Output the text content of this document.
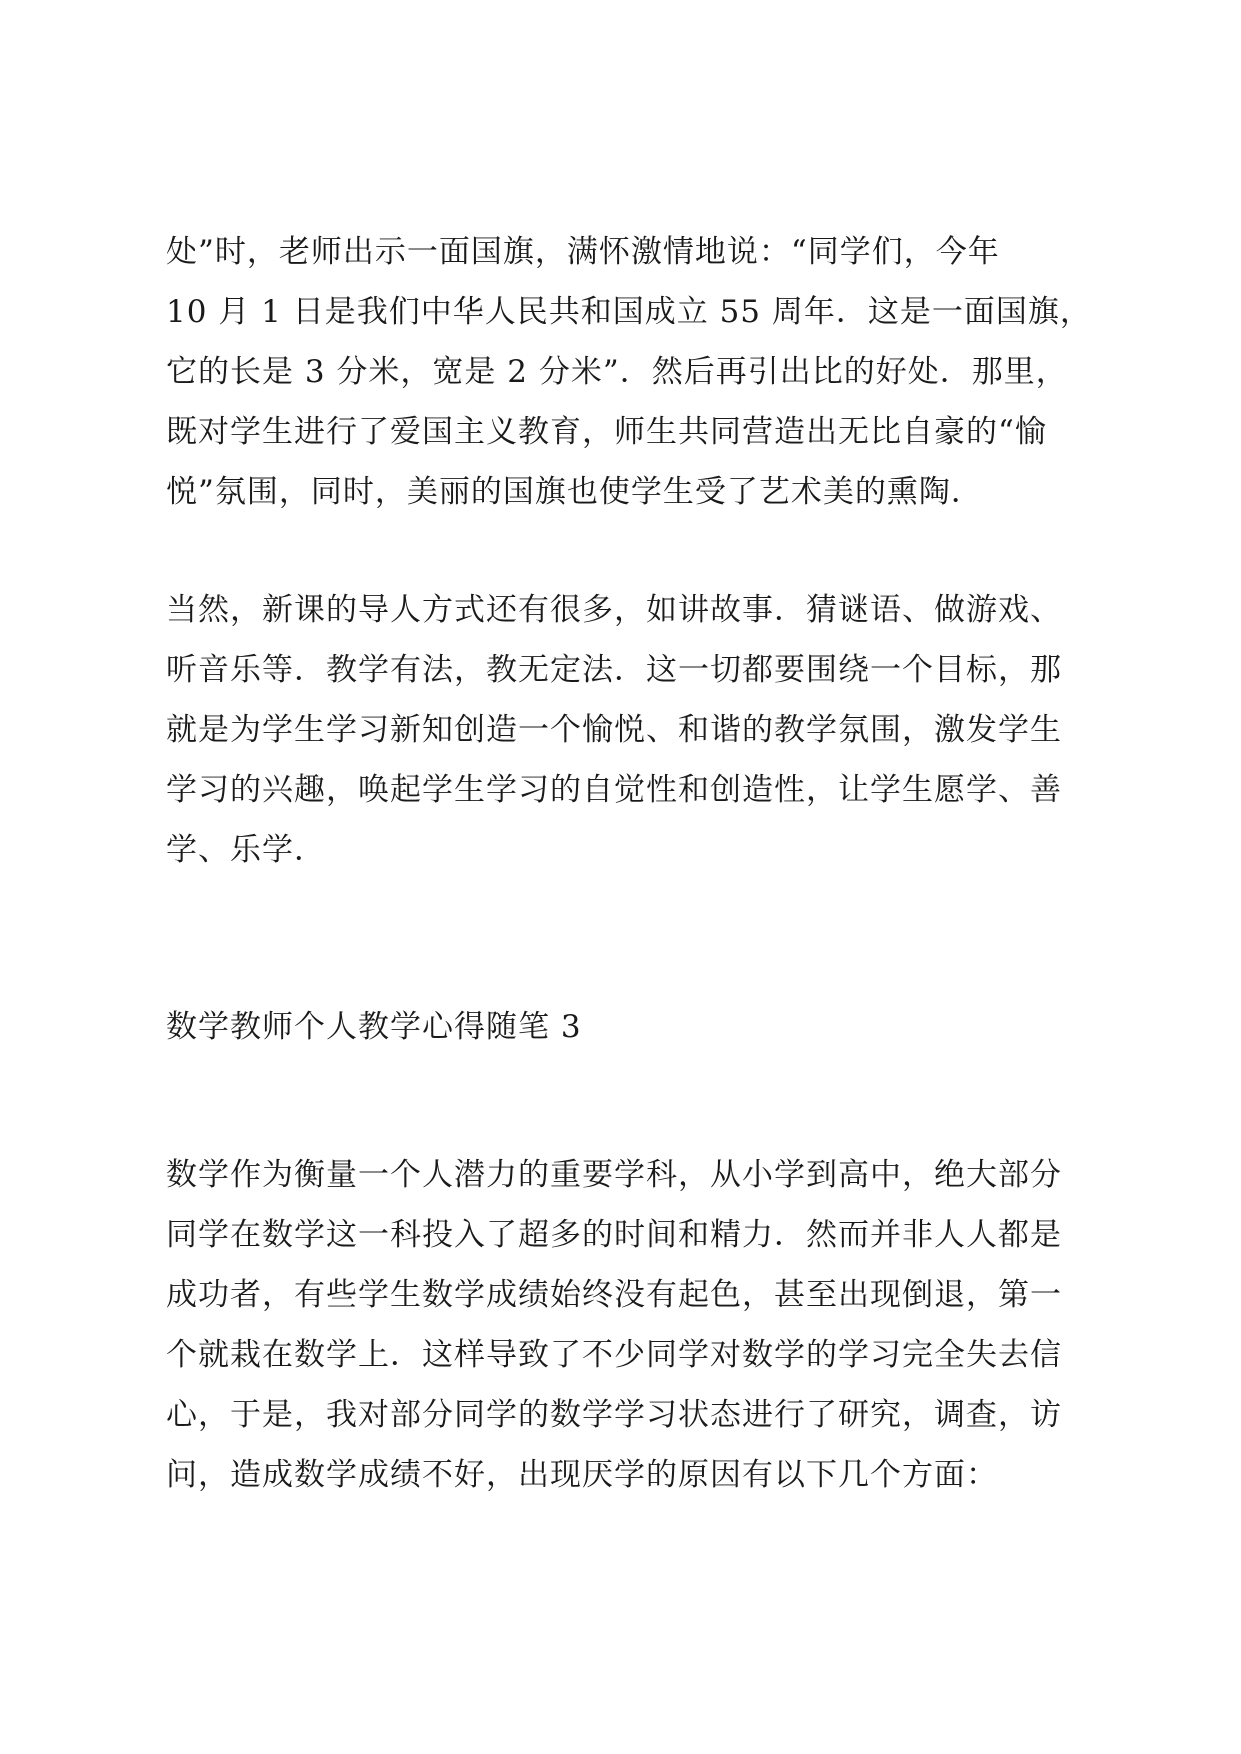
处”时，老师出示一面国旗，满怀激情地说：“同学们，今年
10 月 1 日是我们中华人民共和国成立 55 周年．这是一面国旗，
它的长是 3 分米，宽是 2 分米”．然后再引出比的好处．那里，
既对学生进行了爱国主义教育，师生共同营造出无比自豪的“愉
悦”氛围，同时，美丽的国旗也使学生受了艺术美的熏陶．
当然，新课的导人方式还有很多，如讲故事．猜谜语、做游戏、
听音乐等．教学有法，教无定法．这一切都要围绕一个目标，那
就是为学生学习新知创造一个愉悦、和谐的教学氛围，激发学生
学习的兴趣，唤起学生学习的自觉性和创造性，让学生愿学、善
学、乐学．
数学教师个人教学心得随笔 3
数学作为衡量一个人潜力的重要学科，从小学到高中，绝大部分
同学在数学这一科投入了超多的时间和精力．然而并非人人都是
成功者，有些学生数学成绩始终没有起色，甚至出现倒退，第一
个就栽在数学上．这样导致了不少同学对数学的学习完全失去信
心，于是，我对部分同学的数学学习状态进行了研究，调查，访
问，造成数学成绩不好，出现厌学的原因有以下几个方面：
